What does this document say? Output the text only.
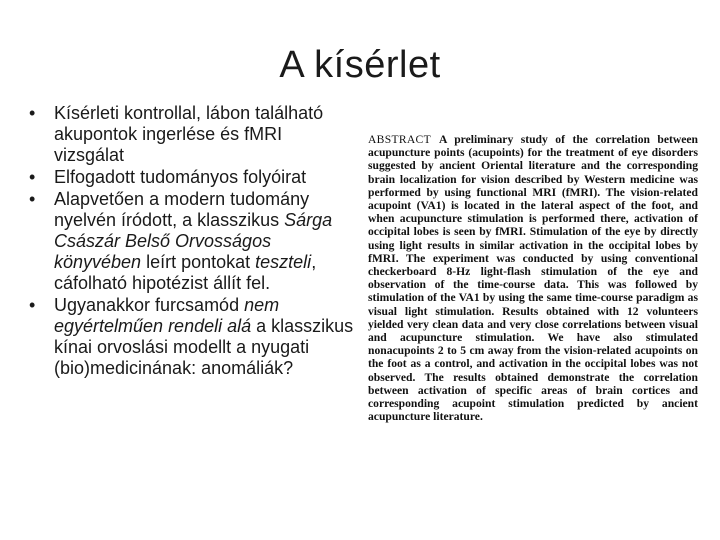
A kísérlet
• Kísérleti kontrollal, lábon található akupontok ingerlése és fMRI vizsgálat
• Elfogadott tudományos folyóirat
• Alapvetően a modern tudomány nyelvén íródott, a klasszikus Sárga Császár Belső Orvosságos könyvében leírt pontokat teszteli, cáfolható hipotézist állít fel.
• Ugyanakkor furcsamód nem egyértelműen rendeli alá a klasszikus kínai orvoslási modellt a nyugati (bio)medicinának: anomáliák?
ABSTRACT A preliminary study of the correlation between acupuncture points (acupoints) for the treatment of eye disorders suggested by ancient Oriental literature and the corresponding brain localization for vision described by Western medicine was performed by using functional MRI (fMRI). The vision-related acupoint (VA1) is located in the lateral aspect of the foot, and when acupuncture stimulation is performed there, activation of occipital lobes is seen by fMRI. Stimulation of the eye by directly using light results in similar activation in the occipital lobes by fMRI. The experiment was conducted by using conventional checkerboard 8-Hz light-flash stimulation of the eye and observation of the time-course data. This was followed by stimulation of the VA1 by using the same time-course paradigm as visual light stimulation. Results obtained with 12 volunteers yielded very clean data and very close correlations between visual and acupuncture stimulation. We have also stimulated nonacupoints 2 to 5 cm away from the vision-related acupoints on the foot as a control, and activation in the occipital lobes was not observed. The results obtained demonstrate the correlation between activation of specific areas of brain cortices and corresponding acupoint stimulation predicted by ancient acupuncture literature.
